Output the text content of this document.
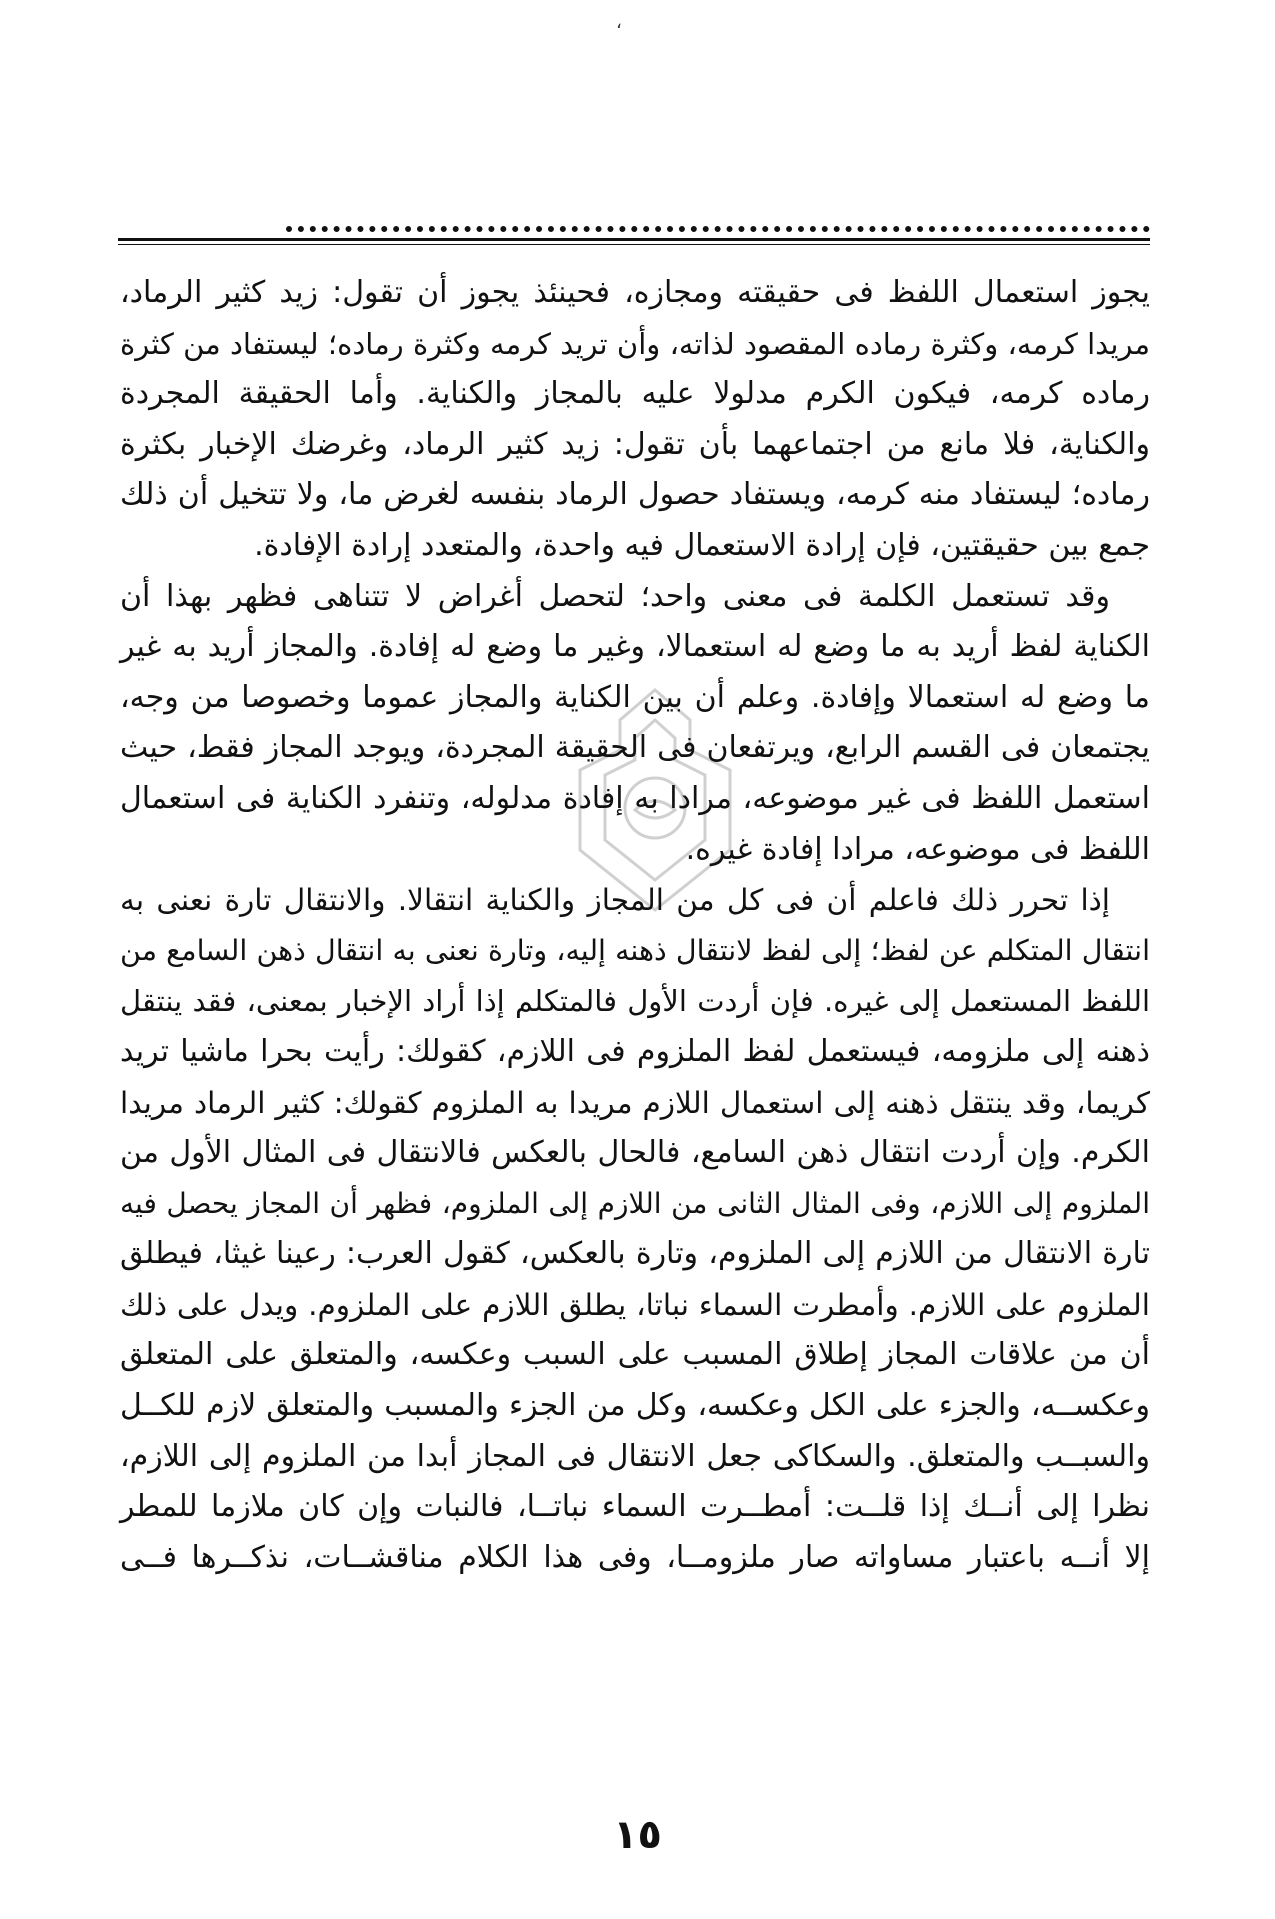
،
يجوز استعمال اللفظ فى حقيقته ومجازه، فحينئذ يجوز أن تقول: زيد كثير الرماد،
مريدا كرمه، وكثرة رماده المقصود لذاته، وأن تريد كرمه وكثرة رماده؛ ليستفاد من كثرة
رماده كرمه، فيكون الكرم مدلولا عليه بالمجاز والكناية. وأما الحقيقة المجردة
والكناية، فلا مانع من اجتماعهما بأن تقول: زيد كثير الرماد، وغرضك الإخبار بكثرة
رماده؛ ليستفاد منه كرمه، ويستفاد حصول الرماد بنفسه لغرض ما، ولا تتخيل أن ذلك
جمع بين حقيقتين، فإن إرادة الاستعمال فيه واحدة، والمتعدد إرادة الإفادة.
وقد تستعمل الكلمة فى معنى واحد؛ لتحصل أغراض لا تتناهى فظهر بهذا أن
الكناية لفظ أريد به ما وضع له استعمالا، وغير ما وضع له إفادة. والمجاز أريد به غير
ما وضع له استعمالا وإفادة. وعلم أن بين الكناية والمجاز عموما وخصوصا من وجه،
يجتمعان فى القسم الرابع، ويرتفعان فى الحقيقة المجردة، ويوجد المجاز فقط، حيث
استعمل اللفظ فى غير موضوعه، مرادا به إفادة مدلوله، وتنفرد الكناية فى استعمال
اللفظ فى موضوعه، مرادا إفادة غيره.
إذا تحرر ذلك فاعلم أن فى كل من المجاز والكناية انتقالا. والانتقال تارة نعنى به
انتقال المتكلم عن لفظ؛ إلى لفظ لانتقال ذهنه إليه، وتارة نعنى به انتقال ذهن السامع من
اللفظ المستعمل إلى غيره. فإن أردت الأول فالمتكلم إذا أراد الإخبار بمعنى، فقد ينتقل
ذهنه إلى ملزومه، فيستعمل لفظ الملزوم فى اللازم، كقولك: رأيت بحرا ماشيا تريد
كريما، وقد ينتقل ذهنه إلى استعمال اللازم مريدا به الملزوم كقولك: كثير الرماد مريدا
الكرم. وإن أردت انتقال ذهن السامع، فالحال بالعكس فالانتقال فى المثال الأول من
الملزوم إلى اللازم، وفى المثال الثانى من اللازم إلى الملزوم، فظهر أن المجاز يحصل فيه
تارة الانتقال من اللازم إلى الملزوم، وتارة بالعكس، كقول العرب: رعينا غيثا، فيطلق
الملزوم على اللازم. وأمطرت السماء نباتا، يطلق اللازم على الملزوم. ويدل على ذلك
أن من علاقات المجاز إطلاق المسبب على السبب وعكسه، والمتعلق على المتعلق
وعكســه، والجزء على الكل وعكسه، وكل من الجزء والمسبب والمتعلق لازم للكــل
والسبــب والمتعلق. والسكاكى جعل الانتقال فى المجاز أبدا من الملزوم إلى اللازم،
نظرا إلى أنــك إذا قلــت: أمطــرت السماء نباتــا، فالنبات وإن كان ملازما للمطر
إلا أنــه باعتبار مساواته صار ملزومــا، وفى هذا الكلام مناقشــات، نذكــرها فــى
١٥
